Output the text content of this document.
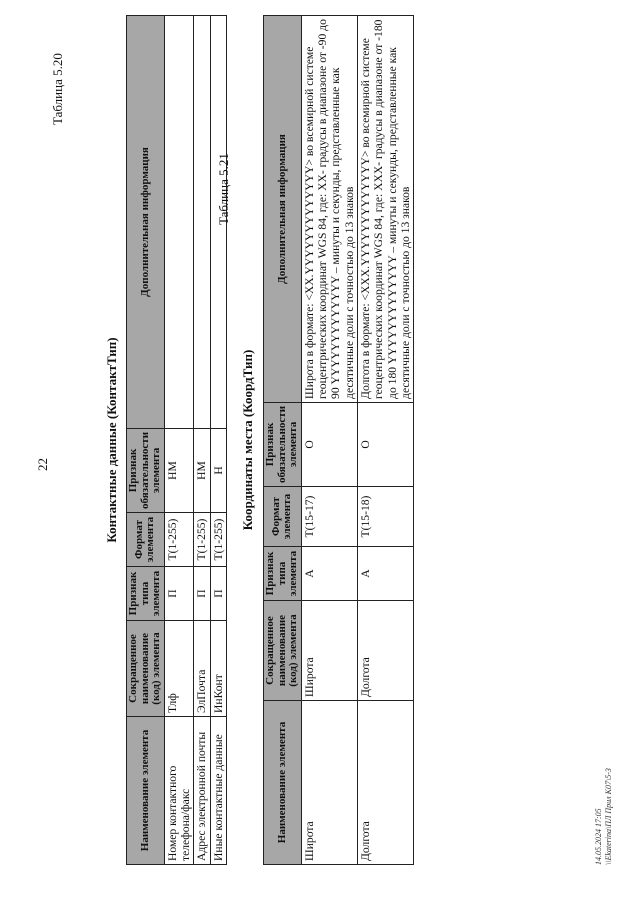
22
Таблица 5.20
Контактные данные (КонтактТип)
Наименование элемента	Сокращенное наименование (код) элемента	Признак типа элемента	Формат элемента	Признак обязательности элемента	Дополнительная информация
Номер контактного телефона/факс	Тлф	П	T(1-255)	НМ	
Адрес электронной почты	ЭлПочта	П	T(1-255)	НМ	
Иные контактные данные	ИнКонт	П	T(1-255)	Н	
Таблица 5.21
Координаты места (КоордТип)
Наименование элемента	Сокращенное наименование (код) элемента	Признак типа элемента	Формат элемента	Признак обязательности элемента	Дополнительная информация
Широта	Широта	А	T(15-17)	О	Широта в формате: <XX.YYYYYYYYYYYYY> во всемирной системе геоцентрических координат WGS 84, где: XX- градусы в диапазоне от -90 до 90 YYYYYYYYYYYYY – минуты и секунды, представленные как десятичные доли с точностью до 13 знаков
Долгота	Долгота	А	T(15-18)	О	Долгота в формате: <XXX.YYYYYYYYYYYYY> во всемирной системе геоцентрических координат WGS 84, где: XXX- градусы в диапазоне от -180 до 180 YYYYYYYYYYYYY – минуты и секунды, представленные как десятичные доли с точностью до 13 знаков
14.05.2024 17:05 \\Ekaterina\ПЛ Прил К07\5-3
